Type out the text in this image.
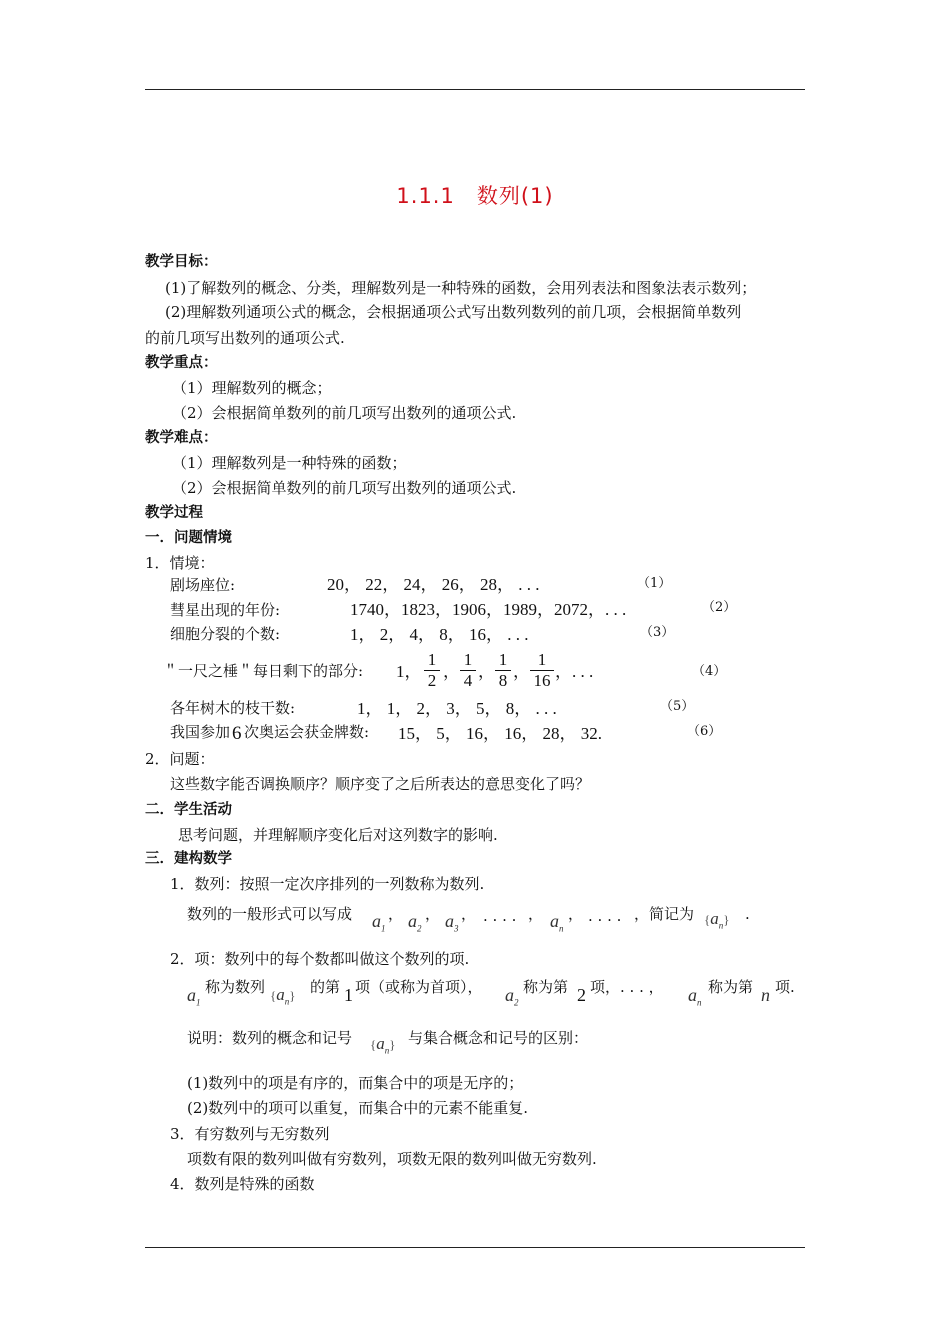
1.1.1　数列(1)
教学目标：
(1)了解数列的概念、分类，理解数列是一种特殊的函数，会用列表法和图象法表示数列；
(2)理解数列通项公式的概念，会根据通项公式写出数列数列的前几项，会根据简单数列
的前几项写出数列的通项公式.
教学重点：
（1）理解数列的概念；
（2）会根据简单数列的前几项写出数列的通项公式.
教学难点：
（1）理解数列是一种特殊的函数；
（2）会根据简单数列的前几项写出数列的通项公式.
教学过程
一．问题情境
1．情境：
剧场座位:	20， 22， 24， 26， 28， . . .	（1）
彗星出现的年份:	1740，1823，1906，1989，2072，. . .	（2）
细胞分裂的个数:	1， 2， 4， 8， 16， . . .	（3）
＂一尺之棰＂每日剩下的部分: 1， $\frac{1}{2}$ ， $\frac{1}{4}$ ， $\frac{1}{8}$ ， $\frac{1}{16}$ ，. . .	（4）
各年树木的枝干数:	1， 1， 2， 3， 5， 8， . . .	（5）
我国参加 6 次奥运会获金牌数: 15， 5， 16， 16， 28， 32.	（6）
2．问题：
这些数字能否调换顺序？顺序变了之后所表达的意思变化了吗？
二．学生活动
思考问题，并理解顺序变化后对这列数字的影响.
三．建构数学
1．数列：按照一定次序排列的一列数称为数列.
数列的一般形式可以写成 $a_1$
， $a_2$
， $a_3$
， . . . . ， $a_n$
， . . . . ，简记为 $\{a_n\}$ .
2．项：数列中的每个数都叫做这个数列的项.
$a_1$
称为数列 $\{a_n\}$ 的第 1 项（或称为首项）， $a_2$
称为第 2 项，. . . ， $a_n$
称为第 n 项.
说明：数列的概念和记号 $\{a_n\}$ 与集合概念和记号的区别：
(1)数列中的项是有序的，而集合中的项是无序的；
(2)数列中的项可以重复，而集合中的元素不能重复.
3．有穷数列与无穷数列
项数有限的数列叫做有穷数列，项数无限的数列叫做无穷数列.
4．数列是特殊的函数
